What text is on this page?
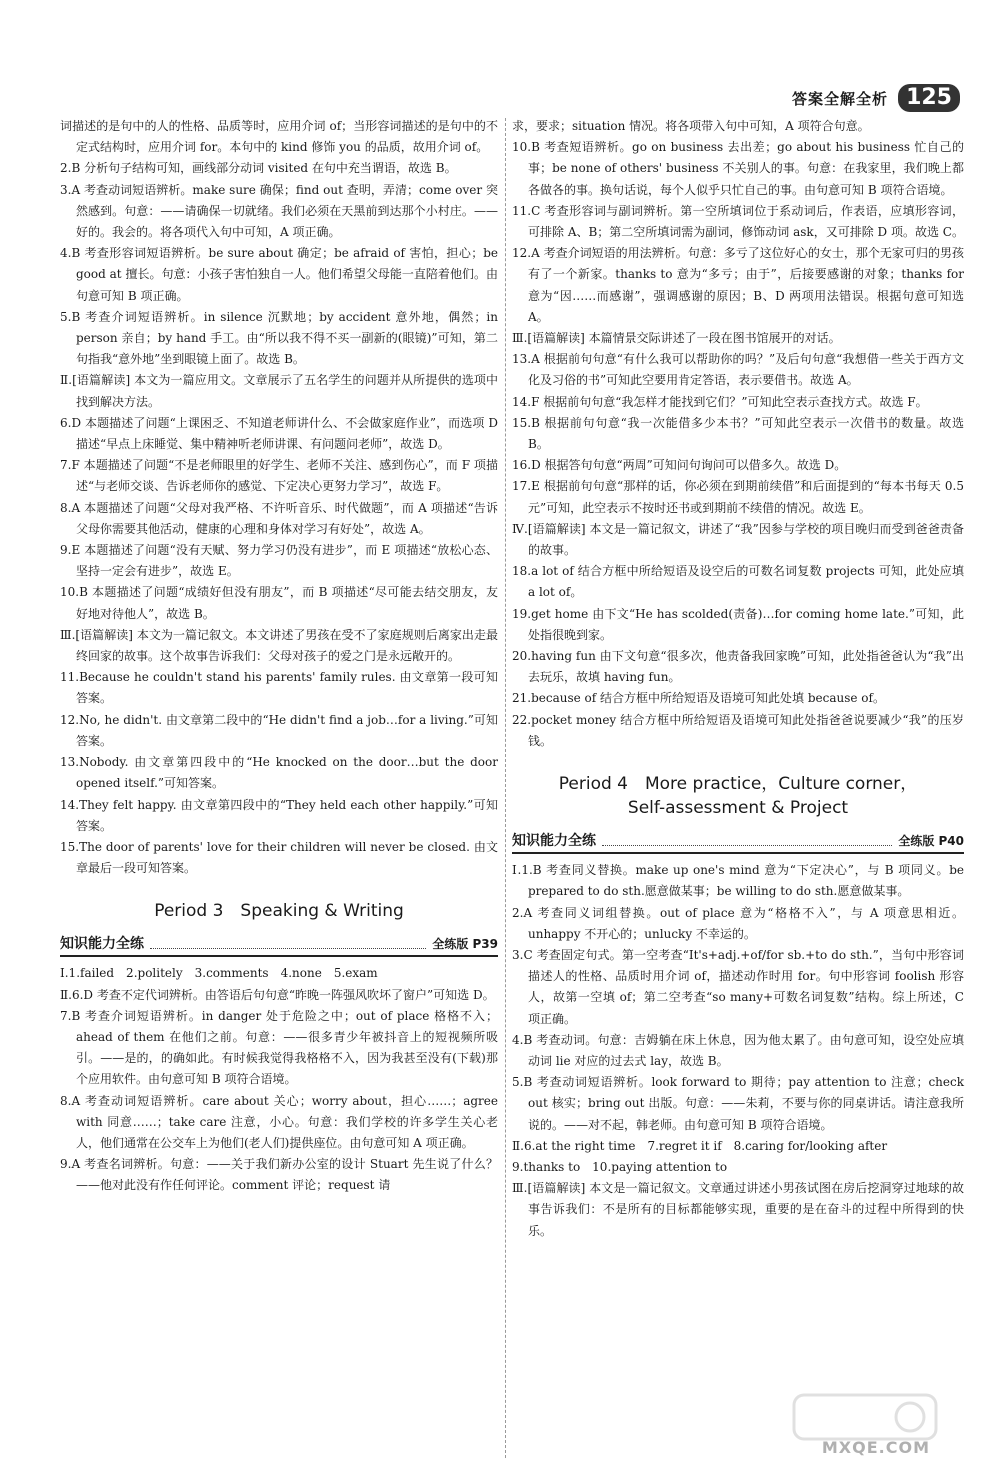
答案全解全析 125

词描述的是句中的人的性格、品质等时，应用介词 of；当形容词描述的是句中的不定式结构时，应用介词 for。本句中的 kind 修饰 you 的品质，故用介词 of。

2.B 分析句子结构可知，画线部分动词 visited 在句中充当谓语，故选 B。

3.A 考查动词短语辨析。make sure 确保；find out 查明，弄清；come over 突然感到。句意：——请确保一切就绪。我们必须在天黑前到达那个小村庄。——好的。我会的。将各项代入句中可知，A 项正确。

4.B 考查形容词短语辨析。be sure about 确定；be afraid of 害怕，担心；be good at 擅长。句意：小孩子害怕独自一人。他们希望父母能一直陪着他们。由句意可知 B 项正确。

5.B 考查介词短语辨析。in silence 沉默地；by accident 意外地，偶然；in person 亲自；by hand 手工。由“所以我不得不买一副新的(眼镜)”可知，第二句指我“意外地”坐到眼镜上面了。故选 B。

Ⅱ.[语篇解读] 本文为一篇应用文。文章展示了五名学生的问题并从所提供的选项中找到解决方法。

6.D 本题描述了问题“上课困乏、不知道老师讲什么、不会做家庭作业”，而选项 D 描述“早点上床睡觉、集中精神听老师讲课、有问题问老师”，故选 D。

7.F 本题描述了问题“不是老师眼里的好学生、老师不关注、感到伤心”，而 F 项描述“与老师交谈、告诉老师你的感觉、下定决心更努力学习”，故选 F。

8.A 本题描述了问题“父母对我严格、不许听音乐、时代做题”，而 A 项描述“告诉父母你需要其他活动，健康的心理和身体对学习有好处”，故选 A。

9.E 本题描述了问题“没有天赋、努力学习仍没有进步”，而 E 项描述“放松心态、坚持一定会有进步”，故选 E。

10.B 本题描述了问题“成绩好但没有朋友”，而 B 项描述“尽可能去结交朋友，友好地对待他人”，故选 B。

Ⅲ.[语篇解读] 本文为一篇记叙文。本文讲述了男孩在受不了家庭规则后离家出走最终回家的故事。这个故事告诉我们：父母对孩子的爱之门是永远敞开的。

11.Because he couldn't stand his parents' family rules. 由文章第一段可知答案。

12.No, he didn't. 由文章第二段中的“He didn't find a job…for a living.”可知答案。

13.Nobody. 由文章第四段中的“He knocked on the door…but the door opened itself.”可知答案。

14.They felt happy. 由文章第四段中的“They held each other happily.”可知答案。

15.The door of parents' love for their children will never be closed. 由文章最后一段可知答案。

Period 3　Speaking & Writing
知识能力全练	全练版 P39

Ⅰ.1.failed　2.politely　3.comments　4.none　5.exam

Ⅱ.6.D 考查不定代词辨析。由答语后句句意“昨晚一阵强风吹坏了窗户”可知选 D。

7.B 考查介词短语辨析。in danger 处于危险之中；out of place 格格不入；ahead of them 在他们之前。句意：——很多青少年被抖音上的短视频所吸引。——是的，的确如此。有时候我觉得我格格不入，因为我甚至没有(下载)那个应用软件。由句意可知 B 项符合语境。

8.A 考查动词短语辨析。care about 关心；worry about，担心……；agree with 同意……；take care 注意，小心。句意：我们学校的许多学生关心老人，他们通常在公交车上为他们(老人们)提供座位。由句意可知 A 项正确。

9.A 考查名词辨析。句意：——关于我们新办公室的设计 Stuart 先生说了什么？——他对此没有作任何评论。comment 评论；request 请

求，要求；situation 情况。将各项带入句中可知，A 项符合句意。

10.B 考查短语辨析。go on business 去出差；go about his business 忙自己的事；be none of others' business 不关别人的事。句意：在我家里，我们晚上都各做各的事。换句话说，每个人似乎只忙自己的事。由句意可知 B 项符合语境。

11.C 考查形容词与副词辨析。第一空所填词位于系动词后，作表语，应填形容词，可排除 A、B；第二空所填词需为副词，修饰动词 ask，又可排除 D 项。故选 C。

12.A 考查介词短语的用法辨析。句意：多亏了这位好心的女士，那个无家可归的男孩有了一个新家。thanks to 意为“多亏；由于”，后接要感谢的对象；thanks for 意为“因……而感谢”，强调感谢的原因；B、D 两项用法错误。根据句意可知选 A。

Ⅲ.[语篇解读] 本篇情景交际讲述了一段在图书馆展开的对话。

13.A 根据前句句意“有什么我可以帮助你的吗？”及后句句意“我想借一些关于西方文化及习俗的书”可知此空要用肯定答语，表示要借书。故选 A。

14.F 根据前句句意“我怎样才能找到它们？”可知此空表示查找方式。故选 F。

15.B 根据前句句意“我一次能借多少本书？”可知此空表示一次借书的数量。故选 B。

16.D 根据答句句意“两周”可知问句询问可以借多久。故选 D。

17.E 根据前句句意“那样的话，你必须在到期前续借”和后面提到的“每本书每天 0.5 元”可知，此空表示不按时还书或到期前不续借的情况。故选 E。

Ⅳ.[语篇解读] 本文是一篇记叙文，讲述了“我”因参与学校的项目晚归而受到爸爸责备的故事。

18.a lot of 结合方框中所给短语及设空后的可数名词复数 projects 可知，此处应填 a lot of。

19.get home 由下文“He has scolded(责备)…for coming home late.”可知，此处指很晚到家。

20.having fun 由下文句意“很多次，他责备我回家晚”可知，此处指爸爸认为“我”出去玩乐，故填 having fun。

21.because of 结合方框中所给短语及语境可知此处填 because of。

22.pocket money 结合方框中所给短语及语境可知此处指爸爸说要减少“我”的压岁钱。

Period 4　More practice，Culture corner，
Self-assessment & Project
知识能力全练	全练版 P40

Ⅰ.1.B 考查同义替换。make up one's mind 意为“下定决心”，与 B 项同义。be prepared to do sth.愿意做某事；be willing to do sth.愿意做某事。

2.A 考查同义词组替换。out of place 意为“格格不入”，与 A 项意思相近。unhappy 不开心的；unlucky 不幸运的。

3.C 考查固定句式。第一空考查“It's+adj.+of/for sb.+to do sth.”，当句中形容词描述人的性格、品质时用介词 of，描述动作时用 for。句中形容词 foolish 形容人，故第一空填 of；第二空考查“so many+可数名词复数”结构。综上所述，C 项正确。

4.B 考查动词。句意：吉姆躺在床上休息，因为他太累了。由句意可知，设空处应填动词 lie 对应的过去式 lay，故选 B。

5.B 考查动词短语辨析。look forward to 期待；pay attention to 注意；check out 核实；bring out 出版。句意：——朱莉，不要与你的同桌讲话。请注意我所说的。——对不起，韩老师。由句意可知 B 项符合语境。

Ⅱ.6.at the right time　7.regret it if　8.caring for/looking after

9.thanks to　10.paying attention to

Ⅲ.[语篇解读] 本文是一篇记叙文。文章通过讲述小男孩试图在房后挖洞穿过地球的故事告诉我们：不是所有的目标都能够实现，重要的是在奋斗的过程中所得到的快乐。

MXQE.COM
